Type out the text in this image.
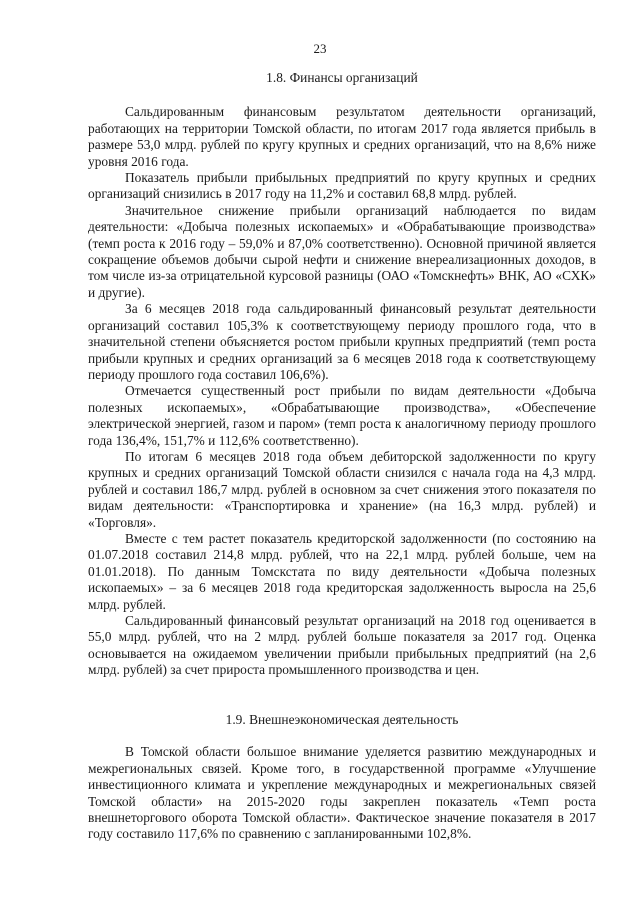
23
1.8. Финансы организаций

Сальдированным финансовым результатом деятельности организаций, работающих на территории Томской области, по итогам 2017 года является прибыль в размере 53,0 млрд. рублей по кругу крупных и средних организаций, что на 8,6% ниже уровня 2016 года.

Показатель прибыли прибыльных предприятий по кругу крупных и средних организаций снизились в 2017 году на 11,2% и составил 68,8 млрд. рублей.

Значительное снижение прибыли организаций наблюдается по видам деятельности: «Добыча полезных ископаемых» и «Обрабатывающие производства» (темп роста к 2016 году – 59,0% и 87,0% соответственно). Основной причиной является сокращение объемов добычи сырой нефти и снижение внереализационных доходов, в том числе из-за отрицательной курсовой разницы (ОАО «Томскнефть» ВНК, АО «СХК» и другие).

За 6 месяцев 2018 года сальдированный финансовый результат деятельности организаций составил 105,3% к соответствующему периоду прошлого года, что в значительной степени объясняется ростом прибыли крупных предприятий (темп роста прибыли крупных и средних организаций за 6 месяцев 2018 года к соответствующему периоду прошлого года составил 106,6%).

Отмечается существенный рост прибыли по видам деятельности «Добыча полезных ископаемых», «Обрабатывающие производства», «Обеспечение электрической энергией, газом и паром» (темп роста к аналогичному периоду прошлого года 136,4%, 151,7% и 112,6% соответственно).

По итогам 6 месяцев 2018 года объем дебиторской задолженности по кругу крупных и средних организаций Томской области снизился с начала года на 4,3 млрд. рублей и составил 186,7 млрд. рублей в основном за счет снижения этого показателя по видам деятельности: «Транспортировка и хранение» (на 16,3 млрд. рублей) и «Торговля».

Вместе с тем растет показатель кредиторской задолженности (по состоянию на 01.07.2018 составил 214,8 млрд. рублей, что на 22,1 млрд. рублей больше, чем на 01.01.2018). По данным Томскстата по виду деятельности «Добыча полезных ископаемых» – за 6 месяцев 2018 года кредиторская задолженность выросла на 25,6 млрд. рублей.

Сальдированный финансовый результат организаций на 2018 год оценивается в 55,0 млрд. рублей, что на 2 млрд. рублей больше показателя за 2017 год. Оценка основывается на ожидаемом увеличении прибыли прибыльных предприятий (на 2,6 млрд. рублей) за счет прироста промышленного производства и цен.

1.9. Внешнеэкономическая деятельность

В Томской области большое внимание уделяется развитию международных и межрегиональных связей. Кроме того, в государственной программе «Улучшение инвестиционного климата и укрепление международных и межрегиональных связей Томской области» на 2015-2020 годы закреплен показатель «Темп роста внешнеторгового оборота Томской области». Фактическое значение показателя в 2017 году составило 117,6% по сравнению с запланированными 102,8%.
